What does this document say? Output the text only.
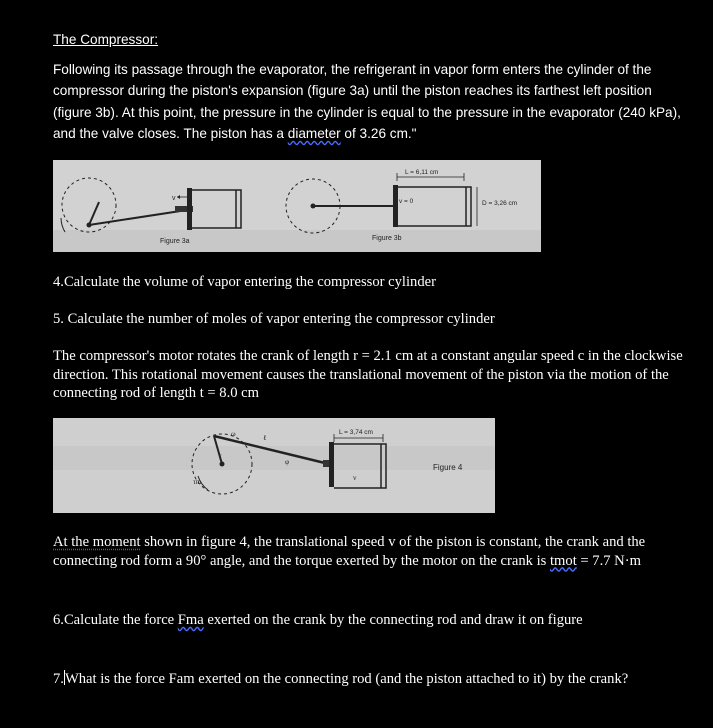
The Compressor:

Following its passage through the evaporator, the refrigerant in vapor form enters the cylinder of the compressor during the piston's expansion (figure 3a) until the piston reaches its farthest left position (figure 3b). At this point, the pressure in the cylinder is equal to the pressure in the evaporator (240 kPa), and the valve closes. The piston has a diameter of 3.26 cm."

v
Figure 3a
L = 6,11 cm
v = 0	D = 3,26 cm
Figure 3b
4.Calculate the volume of vapor entering the compressor cylinder
5. Calculate the number of moles of vapor entering the compressor cylinder

The compressor's motor rotates the crank of length r = 2.1 cm at a constant angular speed c in the clockwise direction. This rotational movement causes the translational movement of the piston via the motion of the connecting rod of length t = 8.0 cm

L = 3,74 cm
r
ω	ℓ
φ
v
τm
Figure 4

At the moment shown in figure 4, the translational speed v of the piston is constant, the crank and the connecting rod form a 90° angle, and the torque exerted by the motor on the crank is tmot = 7.7 N·m

6.Calculate the force Fma exerted on the crank by the connecting rod and draw it on figure

7.What is the force Fam exerted on the connecting rod (and the piston attached to it) by the crank?
